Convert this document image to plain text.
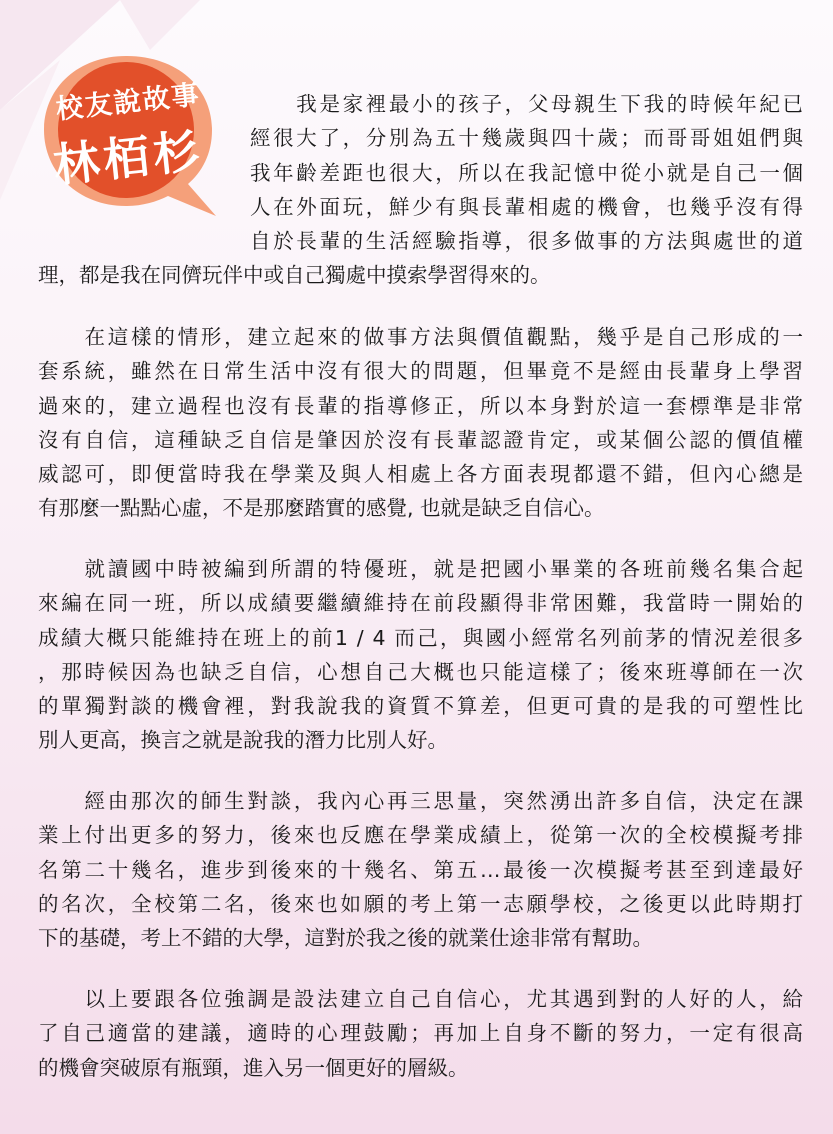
校友說故事
林栢杉

　　我是家裡最小的孩子，父母親生下我的時候年紀已
經很大了，分別為五十幾歲與四十歲；而哥哥姐姐們與
我年齡差距也很大，所以在我記憶中從小就是自己一個
人在外面玩，鮮少有與長輩相處的機會，也幾乎沒有得
自於長輩的生活經驗指導，很多做事的方法與處世的道

理，都是我在同儕玩伴中或自己獨處中摸索學習得來的。

　　在這樣的情形，建立起來的做事方法與價值觀點，幾乎是自己形成的一
套系統，雖然在日常生活中沒有很大的問題，但畢竟不是經由長輩身上學習
過來的，建立過程也沒有長輩的指導修正，所以本身對於這一套標準是非常
沒有自信，這種缺乏自信是肇因於沒有長輩認證肯定，或某個公認的價值權
威認可，即便當時我在學業及與人相處上各方面表現都還不錯，但內心總是
有那麼一點點心虛，不是那麼踏實的感覺, 也就是缺乏自信心。

　　就讀國中時被編到所謂的特優班，就是把國小畢業的各班前幾名集合起
來編在同一班，所以成績要繼續維持在前段顯得非常困難，我當時一開始的
成績大概只能維持在班上的前1 / 4 而己，與國小經常名列前茅的情況差很多
，那時候因為也缺乏自信，心想自己大概也只能這樣了；後來班導師在一次
的單獨對談的機會裡，對我說我的資質不算差，但更可貴的是我的可塑性比
別人更高，換言之就是說我的潛力比別人好。

　　經由那次的師生對談，我內心再三思量，突然湧出許多自信，決定在課
業上付出更多的努力，後來也反應在學業成績上，從第一次的全校模擬考排
名第二十幾名，進步到後來的十幾名、第五…最後一次模擬考甚至到達最好
的名次，全校第二名，後來也如願的考上第一志願學校，之後更以此時期打
下的基礎，考上不錯的大學，這對於我之後的就業仕途非常有幫助。

　　以上要跟各位強調是設法建立自己自信心，尤其遇到對的人好的人，給
了自己適當的建議，適時的心理鼓勵；再加上自身不斷的努力，一定有很高
的機會突破原有瓶頸，進入另一個更好的層級。
